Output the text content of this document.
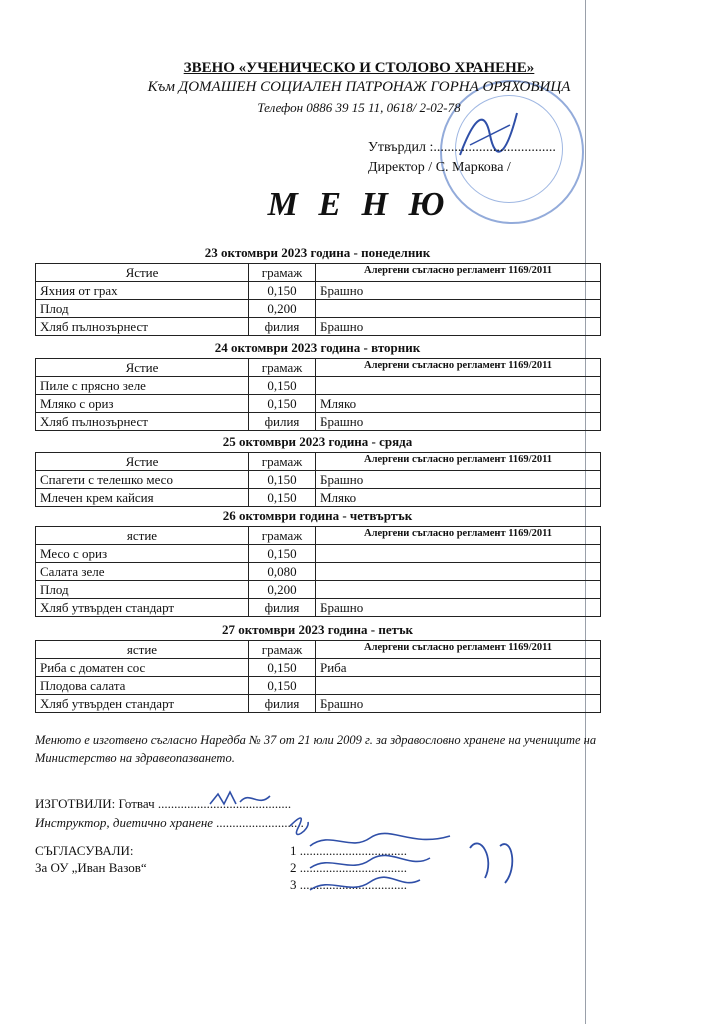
ЗВЕНО «УЧЕНИЧЕСКО И СТОЛОВО ХРАНЕНЕ»
Към ДОМАШЕН СОЦИАЛЕН ПАТРОНАЖ ГОРНА ОРЯХОВИЦА
Телефон 0886 39 15 11, 0618/ 2-02-78
Утвърдил :...................................
Директор / С. Маркова /
М Е Н Ю
23 октомври 2023 година - понеделник
Ястие	грамаж	Алергени съгласно регламент 1169/2011
Яхния от грах	0,150	Брашно
Плод	0,200	
Хляб пълнозърнест	филия	Брашно
24 октомври 2023 година - вторник
Ястие	грамаж	Алергени съгласно регламент 1169/2011
Пиле с прясно зеле	0,150	
Мляко с ориз	0,150	Мляко
Хляб пълнозърнест	филия	Брашно
25 октомври 2023 година - сряда
Ястие	грамаж	Алергени съгласно регламент 1169/2011
Спагети с телешко месо	0,150	Брашно
Млечен крем кайсия	0,150	Мляко
26 октомври година - четвъртък
ястие	грамаж	Алергени съгласно регламент 1169/2011
Месо с ориз	0,150	
Салата зеле	0,080	
Плод	0,200	
Хляб утвърден стандарт	филия	Брашно
27 октомври 2023 година - петък
ястие	грамаж	Алергени съгласно регламент 1169/2011
Риба с доматен сос	0,150	Риба
Плодова салата	0,150	
Хляб утвърден стандарт	филия	Брашно
Менюто е изготвено съгласно Наредба № 37 от 21 юли 2009 г. за здравословно хранене на учениците на Министерство на здравеопазването.
ИЗГОТВИЛИ: Готвач .........................................
Инструктор, диетично хранене ...........................
СЪГЛАСУВАЛИ:
За ОУ „Иван Вазов“
1 .................................
2 .................................
3 .................................
